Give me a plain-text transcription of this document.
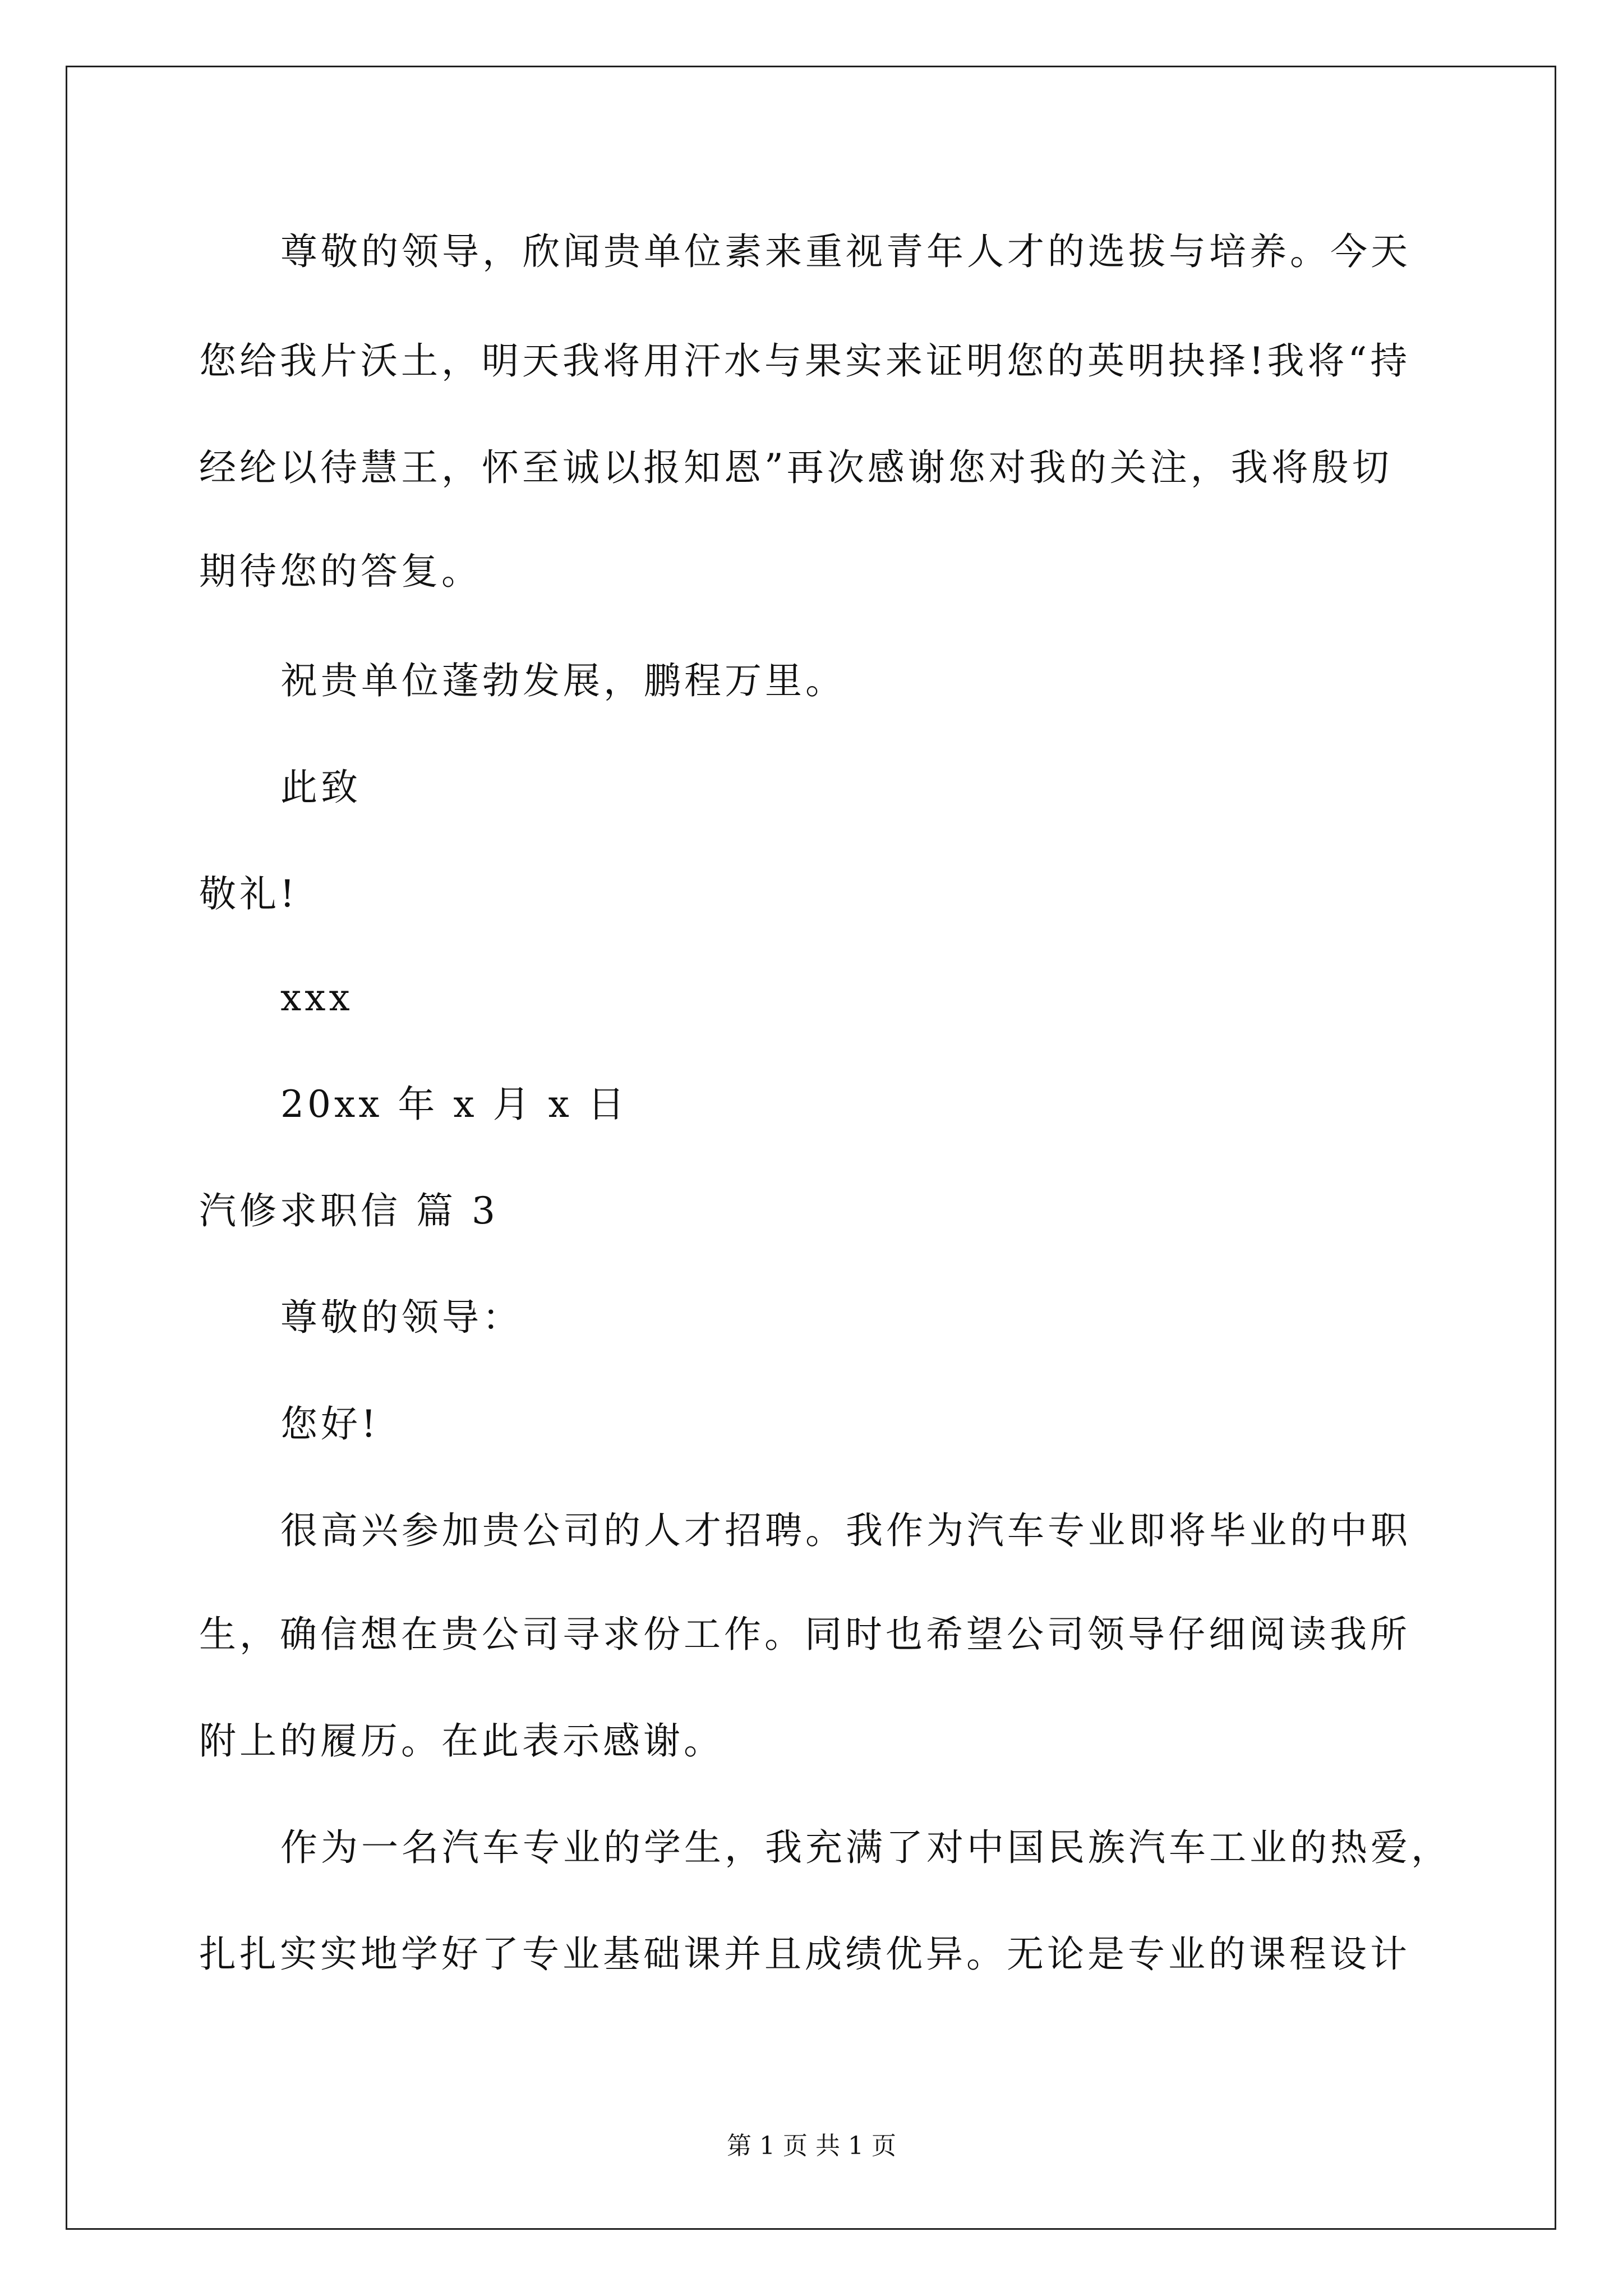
尊敬的领导，欣闻贵单位素来重视青年人才的选拔与培养。今天
您给我片沃土，明天我将用汗水与果实来证明您的英明抉择!我将“持
经纶以待慧王，怀至诚以报知恩”再次感谢您对我的关注，我将殷切
期待您的答复。
祝贵单位蓬勃发展，鹏程万里。
此致
敬礼!
xxx
20xx 年 x 月 x 日
汽修求职信 篇 3
尊敬的领导：
您好!
很高兴参加贵公司的人才招聘。我作为汽车专业即将毕业的中职
生，确信想在贵公司寻求份工作。同时也希望公司领导仔细阅读我所
附上的履历。在此表示感谢。
作为一名汽车专业的学生，我充满了对中国民族汽车工业的热爱，
扎扎实实地学好了专业基础课并且成绩优异。无论是专业的课程设计
第 1 页 共 1 页
